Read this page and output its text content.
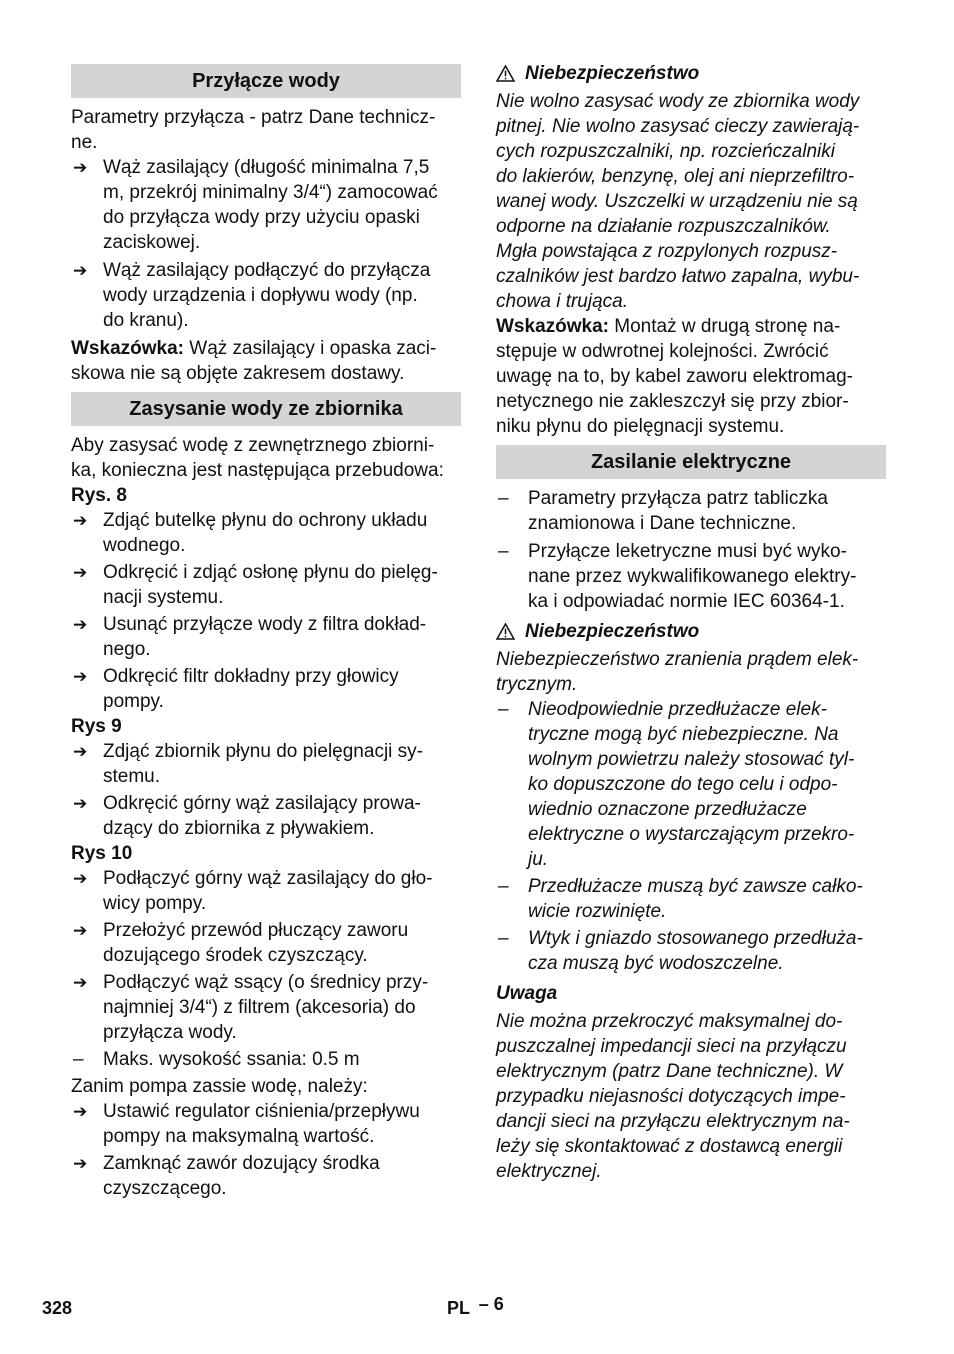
Przyłącze wody
Parametry przyłącza - patrz Dane technicz-
ne.
➔ Wąż zasilający (długość minimalna 7,5
m, przekrój minimalny 3/4“) zamocować
do przyłącza wody przy użyciu opaski
zaciskowej.
➔ Wąż zasilający podłączyć do przyłącza
wody urządzenia i dopływu wody (np.
do kranu).
Wskazówka: Wąż zasilający i opaska zaci-
skowa nie są objęte zakresem dostawy.
Zasysanie wody ze zbiornika
Aby zasysać wodę z zewnętrznego zbiorni-
ka, konieczna jest następująca przebudowa:
Rys. 8
➔ Zdjąć butelkę płynu do ochrony układu
wodnego.
➔ Odkręcić i zdjąć osłonę płynu do pielęg-
nacji systemu.
➔ Usunąć przyłącze wody z filtra dokład-
nego.
➔ Odkręcić filtr dokładny przy głowicy
pompy.
Rys 9
➔ Zdjąć zbiornik płynu do pielęgnacji sy-
stemu.
➔ Odkręcić górny wąż zasilający prowa-
dzący do zbiornika z pływakiem.
Rys 10
➔ Podłączyć górny wąż zasilający do gło-
wicy pompy.
➔ Przełożyć przewód płuczący zaworu
dozującego środek czyszczący.
➔ Podłączyć wąż ssący (o średnicy przy-
najmniej 3/4“) z filtrem (akcesoria) do
przyłącza wody.
– Maks. wysokość ssania: 0.5 m
Zanim pompa zassie wodę, należy:
➔ Ustawić regulator ciśnienia/przepływu
pompy na maksymalną wartość.
➔ Zamknąć zawór dozujący środka
czyszczącego.
Niebezpieczeństwo
Nie wolno zasysać wody ze zbiornika wody
pitnej. Nie wolno zasysać cieczy zawierają-
cych rozpuszczalniki, np. rozcieńczalniki
do lakierów, benzynę, olej ani nieprzefiltro-
wanej wody. Uszczelki w urządzeniu nie są
odporne na działanie rozpuszczalników.
Mgła powstająca z rozpylonych rozpusz-
czalników jest bardzo łatwo zapalna, wybu-
chowa i trująca.
Wskazówka: Montaż w drugą stronę na-
stępuje w odwrotnej kolejności. Zwrócić
uwagę na to, by kabel zaworu elektromag-
netycznego nie zakleszczył się przy zbior-
niku płynu do pielęgnacji systemu.
Zasilanie elektryczne
– Parametry przyłącza patrz tabliczka
znamionowa i Dane techniczne.
– Przyłącze leketryczne musi być wyko-
nane przez wykwalifikowanego elektry-
ka i odpowiadać normie IEC 60364-1.
Niebezpieczeństwo
Niebezpieczeństwo zranienia prądem elek-
trycznym.
– Nieodpowiednie przedłużacze elek-
tryczne mogą być niebezpieczne. Na
wolnym powietrzu należy stosować tyl-
ko dopuszczone do tego celu i odpo-
wiednio oznaczone przedłużacze
elektryczne o wystarczającym przekro-
ju.
– Przedłużacze muszą być zawsze całko-
wicie rozwinięte.
– Wtyk i gniazdo stosowanego przedłuża-
cza muszą być wodoszczelne.
Uwaga
Nie można przekroczyć maksymalnej do-
puszczalnej impedancji sieci na przyłączu
elektrycznym (patrz Dane techniczne). W
przypadku niejasności dotyczących impe-
dancji sieci na przyłączu elektrycznym na-
leży się skontaktować z dostawcą energii
elektrycznej.
328	PL – 6
